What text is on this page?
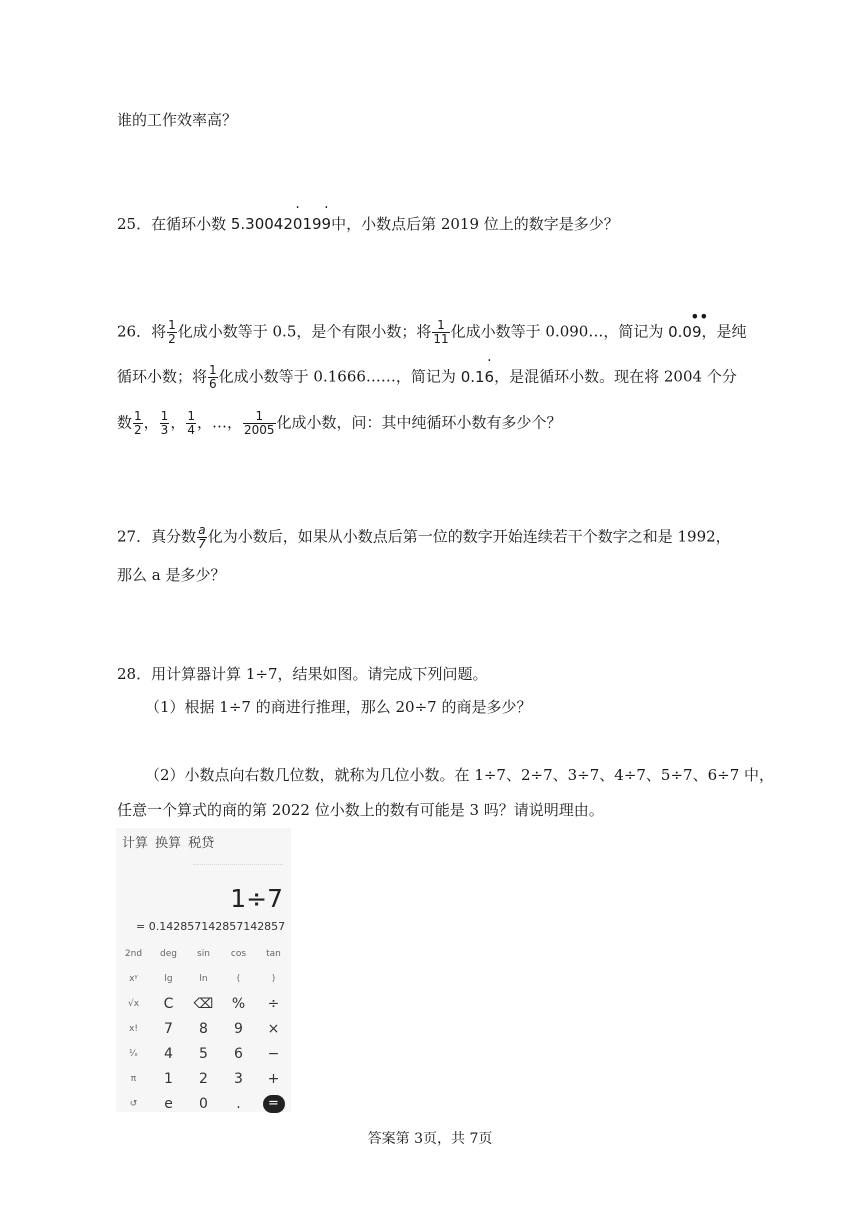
谁的工作效率高？
25．在循环小数 5.30042· 019· 9中，小数点后第 2019 位上的数字是多少？
26．将 $\frac{1}{2}$ 化成小数等于 0.5，是个有限小数；将 $\frac{1}{11}$ 化成小数等于 0.090…，简记为 0.09
• •
，是纯
循环小数；将 $\frac{1}{6}$ 化成小数等于 0.1666……，简记为 0.1· 6，是混循环小数。现在将 2004 个分
数 $\frac{1}{2}$ ， $\frac{1}{3}$ ， $\frac{1}{4}$ ，…， $\frac{1}{2005}$ 化成小数，问：其中纯循环小数有多少个？
27．真分数 $\frac{a}{7}$ 化为小数后，如果从小数点后第一位的数字开始连续若干个数字之和是 1992，
那么 a 是多少？
28．用计算器计算 1÷7，结果如图。请完成下列问题。
（1）根据 1÷7 的商进行推理，那么 20÷7 的商是多少？
（2）小数点向右数几位数，就称为几位小数。在 1÷7、2÷7、3÷7、4÷7、5÷7、6÷7 中，
任意一个算式的商的第 2022 位小数上的数有可能是 3 吗？请说明理由。
计算 换算 税贷
1÷7
= 0.142857142857142857
2nd	deg	sin	cos	tan
xʸ	lg	ln	(	)
√x	C	⌫	%	÷
x!	7	8	9	×
¹⁄ₓ	4	5	6	−
π	1	2	3	+
↺	e	0	.	=
答案第 3页，共 7页
